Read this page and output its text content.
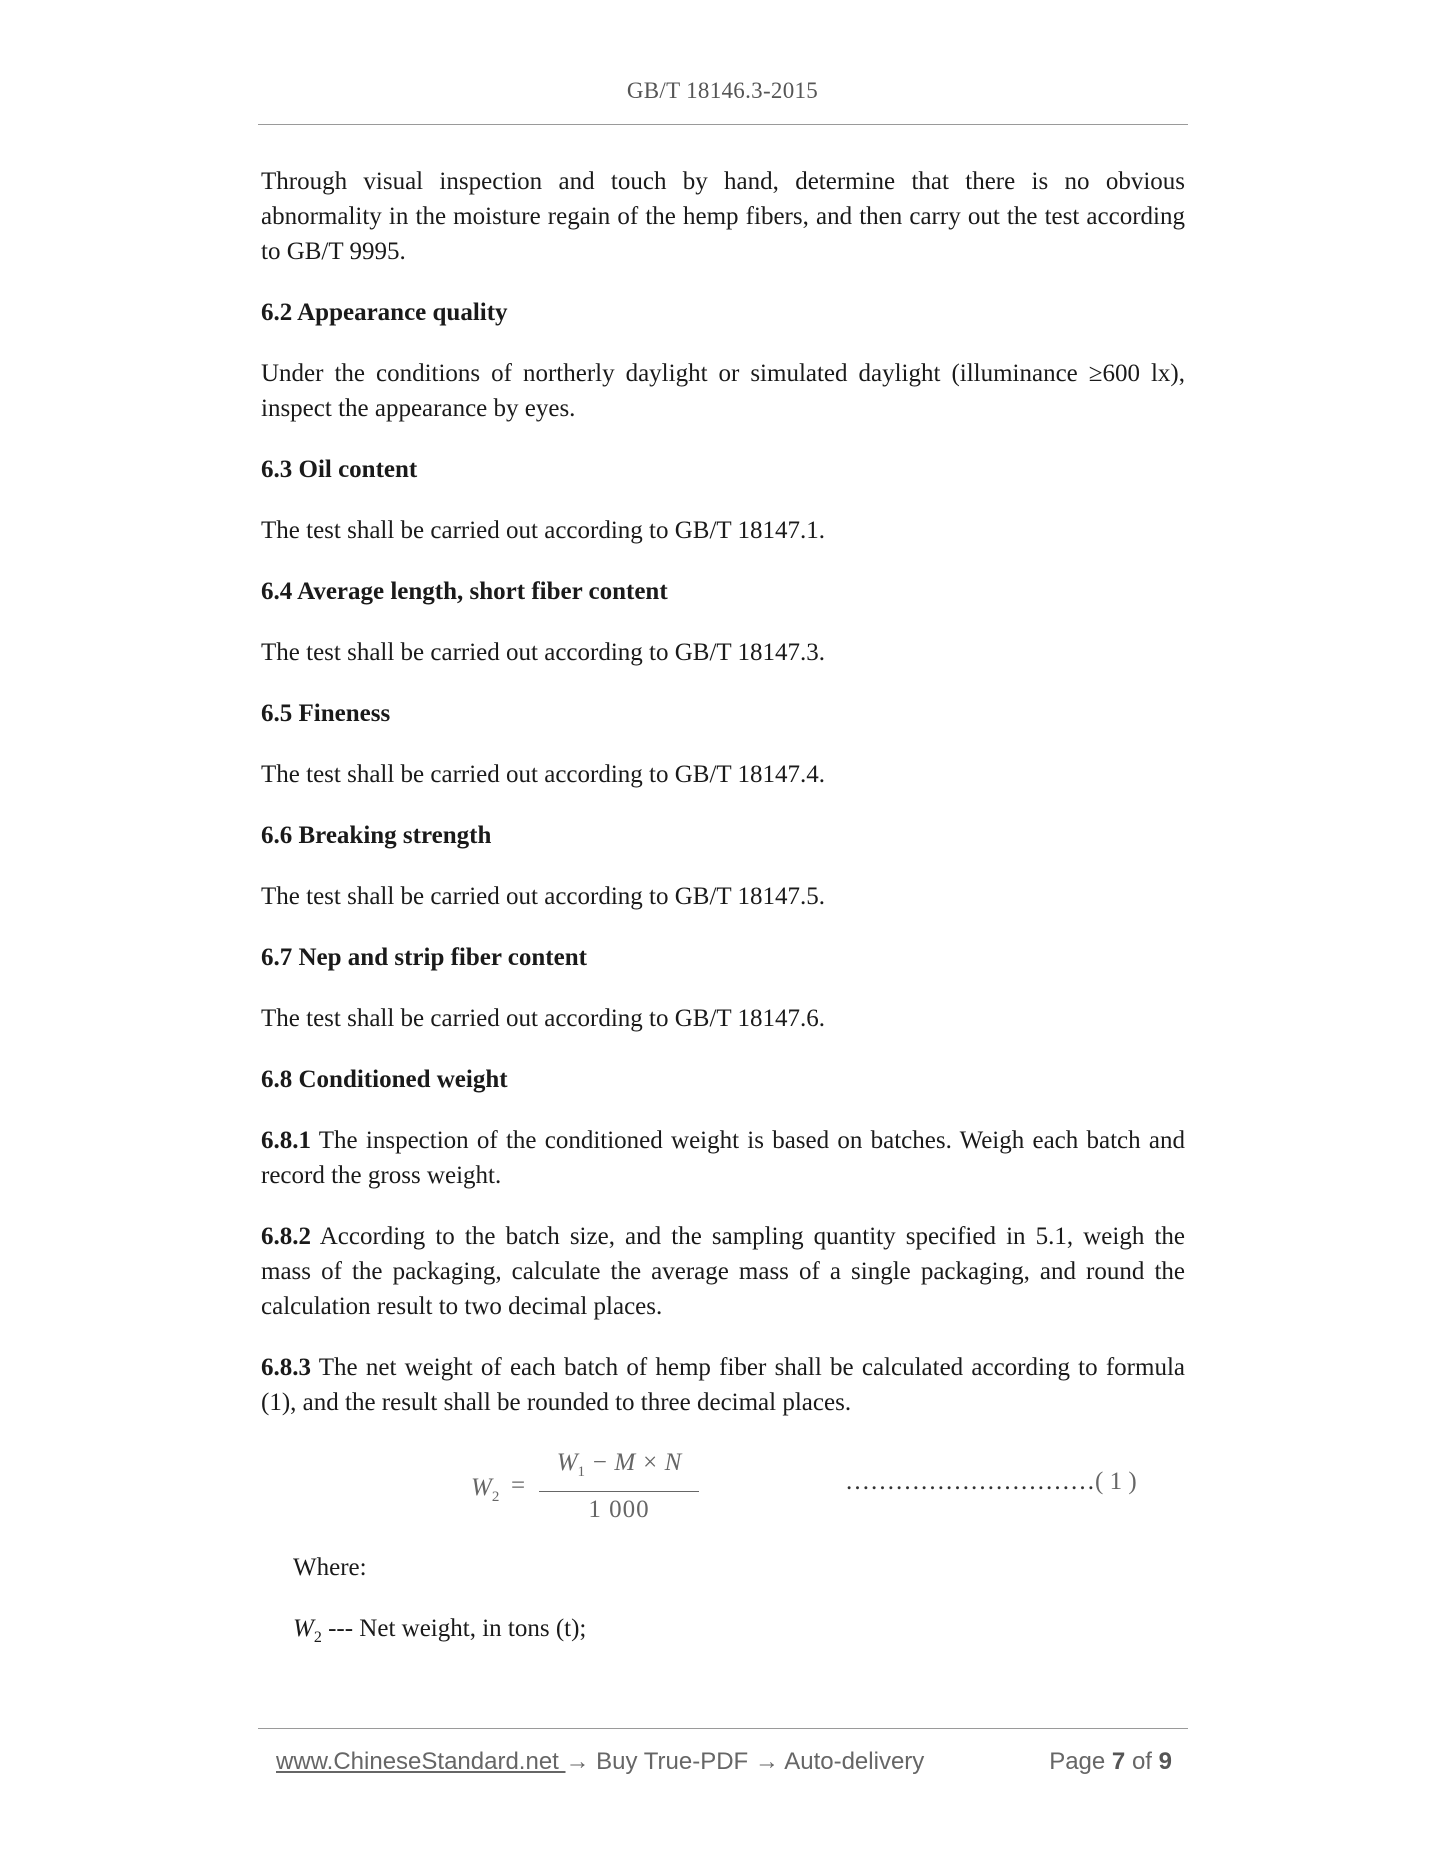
GB/T 18146.3-2015

Through visual inspection and touch by hand, determine that there is no obvious abnormality in the moisture regain of the hemp fibers, and then carry out the test according to GB/T 9995.

6.2 Appearance quality

Under the conditions of northerly daylight or simulated daylight (illuminance ≥600 lx), inspect the appearance by eyes.

6.3 Oil content

The test shall be carried out according to GB/T 18147.1.

6.4 Average length, short fiber content

The test shall be carried out according to GB/T 18147.3.

6.5 Fineness

The test shall be carried out according to GB/T 18147.4.

6.6 Breaking strength

The test shall be carried out according to GB/T 18147.5.

6.7 Nep and strip fiber content

The test shall be carried out according to GB/T 18147.6.

6.8 Conditioned weight

6.8.1 The inspection of the conditioned weight is based on batches. Weigh each batch and record the gross weight.

6.8.2 According to the batch size, and the sampling quantity specified in 5.1, weigh the mass of the packaging, calculate the average mass of a single packaging, and round the calculation result to two decimal places.

6.8.3 The net weight of each batch of hemp fiber shall be calculated according to formula (1), and the result shall be rounded to three decimal places.

$W_2$ =
$W_1 - M \times N$
1 000
…………………………( 1 )

Where:

$W_2$ --- Net weight, in tons (t);

www.ChineseStandard.net → Buy True-PDF → Auto-delivery	Page 7 of 9
